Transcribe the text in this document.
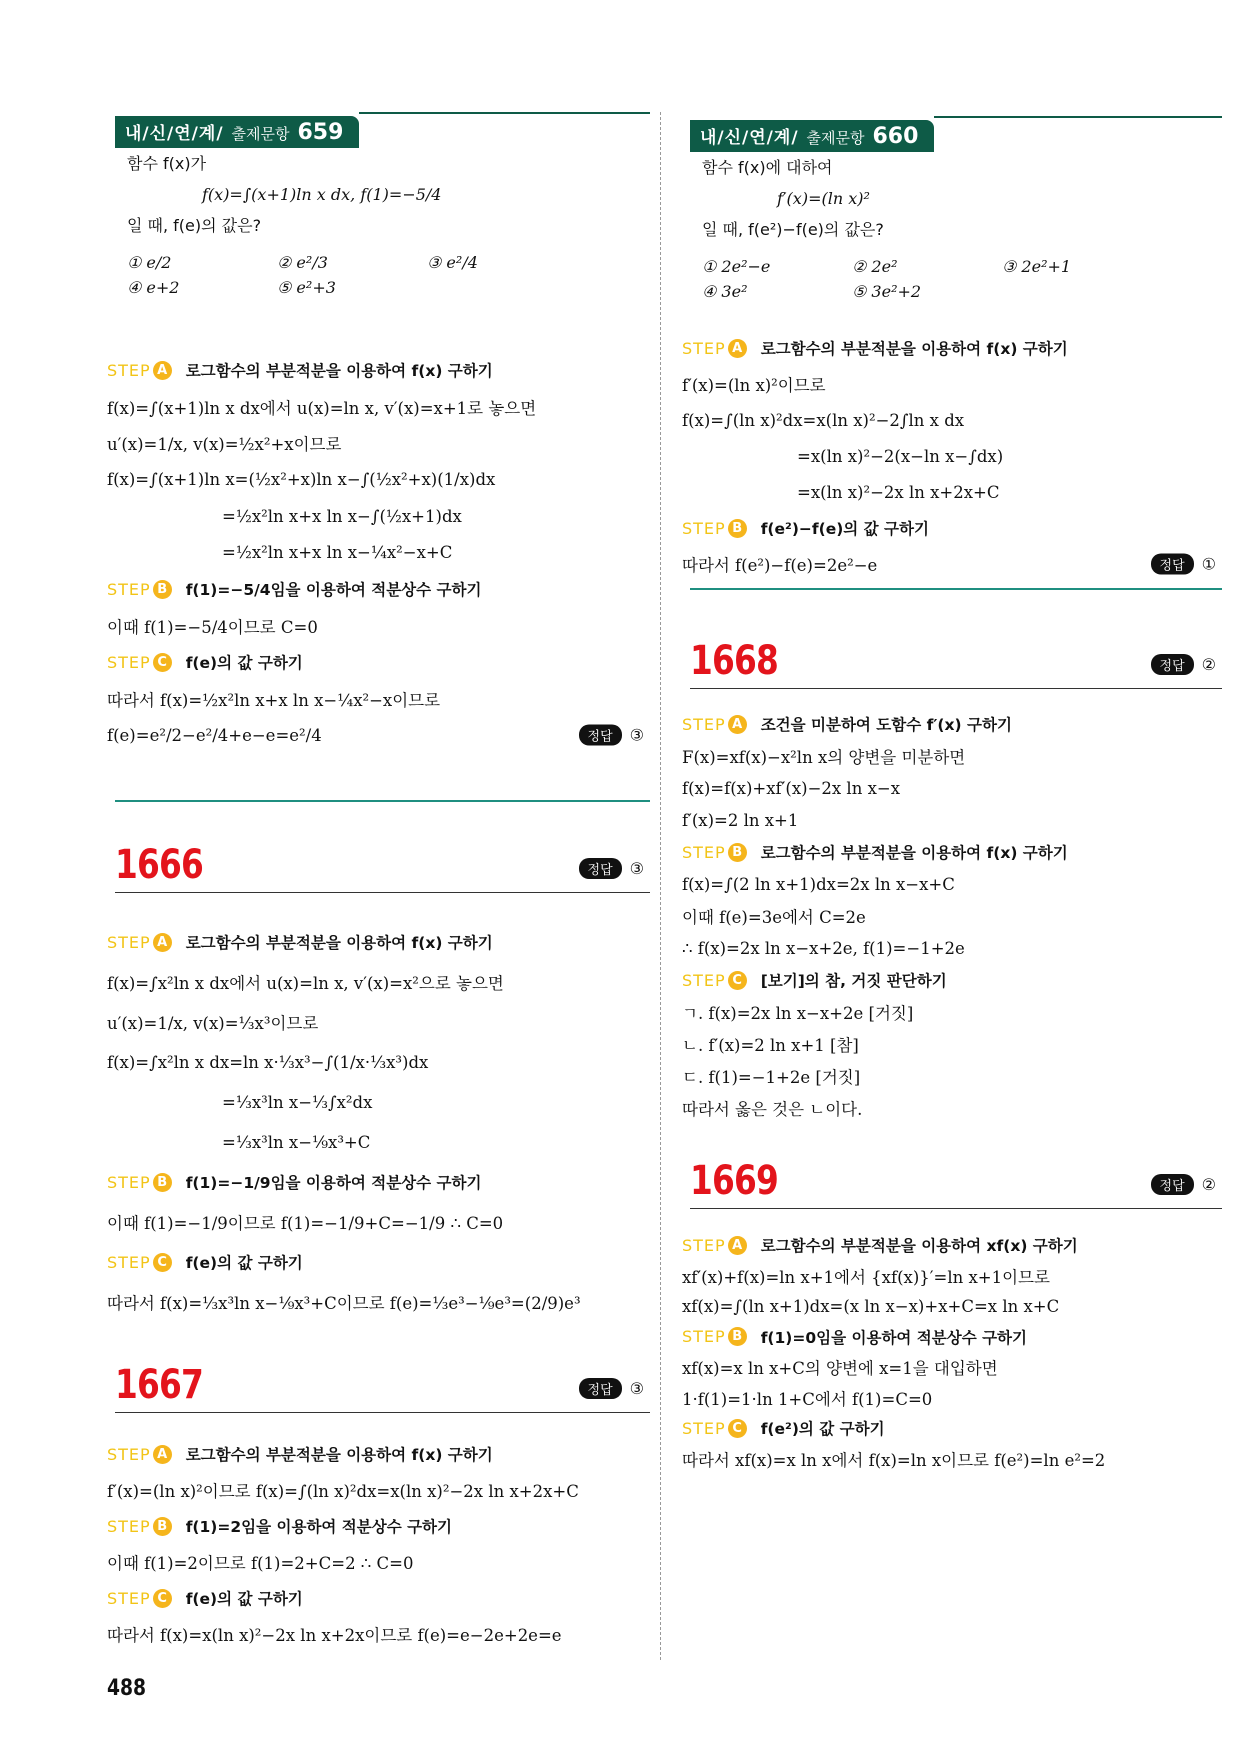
내/신/연/계/ 출제문항 659
함수 f(x)가
f(x)=∫(x+1)ln x dx, f(1)=−5/4
일 때, f(e)의 값은?
① e/2	② e²/3	③ e²/4
④ e+2	⑤ e²+3
STEP A 로그함수의 부분적분을 이용하여 f(x) 구하기
f(x)=∫(x+1)ln x dx에서 u(x)=ln x, v′(x)=x+1로 놓으면
u′(x)=1/x, v(x)=½x²+x이므로
f(x)=∫(x+1)ln x=(½x²+x)ln x−∫(½x²+x)(1/x)dx
=½x²ln x+x ln x−∫(½x+1)dx
=½x²ln x+x ln x−¼x²−x+C
STEP B f(1)=−5/4임을 이용하여 적분상수 구하기
이때 f(1)=−5/4이므로 C=0
STEP C	f(e)의 값 구하기
따라서 f(x)=½x²ln x+x ln x−¼x²−x이므로
f(e)=e²/2−e²/4+e−e=e²/4	정답	③
1666	정답	③
STEP A 로그함수의 부분적분을 이용하여 f(x) 구하기
f(x)=∫x²ln x dx에서 u(x)=ln x, v′(x)=x²으로 놓으면
u′(x)=1/x, v(x)=⅓x³이므로
f(x)=∫x²ln x dx=ln x·⅓x³−∫(1/x·⅓x³)dx
=⅓x³ln x−⅓∫x²dx
=⅓x³ln x−⅑x³+C
STEP B f(1)=−1/9임을 이용하여 적분상수 구하기
이때 f(1)=−1/9이므로 f(1)=−1/9+C=−1/9 ∴ C=0
STEP C	f(e)의 값 구하기
따라서 f(x)=⅓x³ln x−⅑x³+C이므로 f(e)=⅓e³−⅑e³=(2/9)e³
1667	정답	③
STEP A 로그함수의 부분적분을 이용하여 f(x) 구하기
f′(x)=(ln x)²이므로 f(x)=∫(ln x)²dx=x(ln x)²−2x ln x+2x+C
STEP B f(1)=2임을 이용하여 적분상수 구하기
이때 f(1)=2이므로 f(1)=2+C=2 ∴ C=0
STEP C	f(e)의 값 구하기
따라서 f(x)=x(ln x)²−2x ln x+2x이므로 f(e)=e−2e+2e=e
내/신/연/계/ 출제문항 660
함수 f(x)에 대하여
f′(x)=(ln x)²
일 때, f(e²)−f(e)의 값은?
① 2e²−e	② 2e²	③ 2e²+1
④ 3e²	⑤ 3e²+2
STEP A 로그함수의 부분적분을 이용하여 f(x) 구하기
f′(x)=(ln x)²이므로
f(x)=∫(ln x)²dx=x(ln x)²−2∫ln x dx
=x(ln x)²−2(x−ln x−∫dx)
=x(ln x)²−2x ln x+2x+C
STEP B f(e²)−f(e)의 값 구하기
따라서 f(e²)−f(e)=2e²−e	정답	①
1668	정답	②
STEP A 조건을 미분하여 도함수 f′(x) 구하기
F(x)=xf(x)−x²ln x의 양변을 미분하면
f(x)=f(x)+xf′(x)−2x ln x−x
f′(x)=2 ln x+1
STEP B 로그함수의 부분적분을 이용하여 f(x) 구하기
f(x)=∫(2 ln x+1)dx=2x ln x−x+C
이때 f(e)=3e에서 C=2e
∴ f(x)=2x ln x−x+2e, f(1)=−1+2e
STEP C	[보기]의 참, 거짓 판단하기
ㄱ. f(x)=2x ln x−x+2e [거짓]
ㄴ. f′(x)=2 ln x+1 [참]
ㄷ. f(1)=−1+2e [거짓]
따라서 옳은 것은 ㄴ이다.
1669	정답	②
STEP A 로그함수의 부분적분을 이용하여 xf(x) 구하기
xf′(x)+f(x)=ln x+1에서 {xf(x)}′=ln x+1이므로
xf(x)=∫(ln x+1)dx=(x ln x−x)+x+C=x ln x+C
STEP B f(1)=0임을 이용하여 적분상수 구하기
xf(x)=x ln x+C의 양변에 x=1을 대입하면
1·f(1)=1·ln 1+C에서 f(1)=C=0
STEP C	f(e²)의 값 구하기
따라서 xf(x)=x ln x에서 f(x)=ln x이므로 f(e²)=ln e²=2
488
